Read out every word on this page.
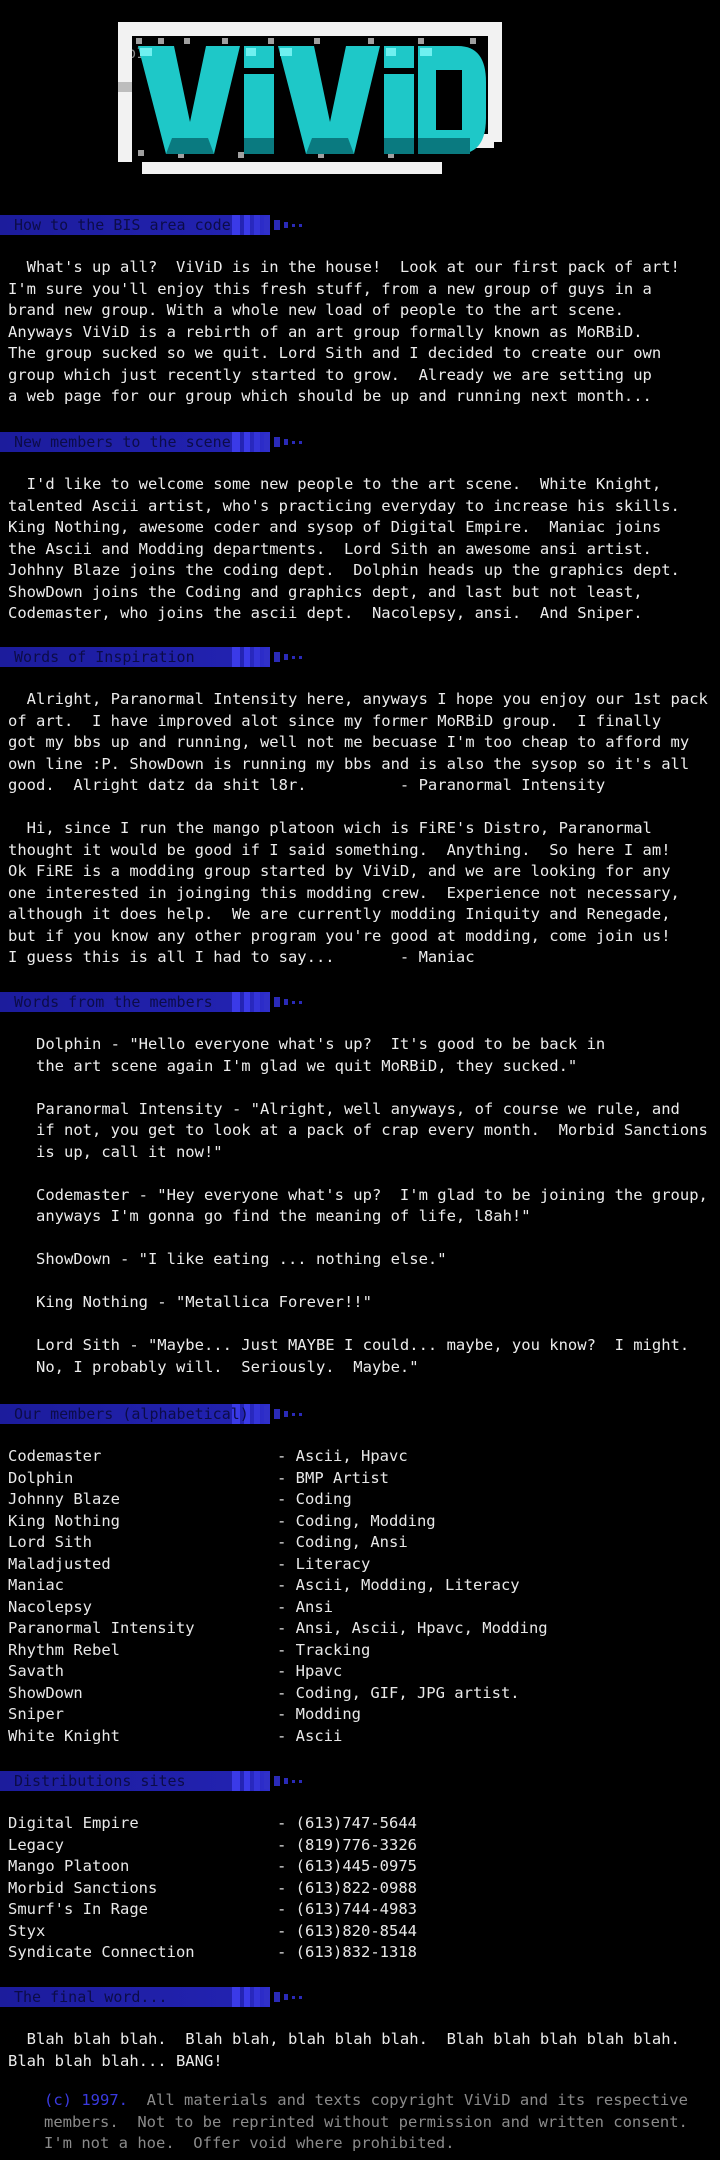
How to the BIS area code
What's up all?  ViViD is in the house!  Look at our first pack of art!
I'm sure you'll enjoy this fresh stuff, from a new group of guys in a
brand new group. With a whole new load of people to the art scene.
Anyways ViViD is a rebirth of an art group formally known as MoRBiD.
The group sucked so we quit. Lord Sith and I decided to create our own
group which just recently started to grow.  Already we are setting up
a web page for our group which should be up and running next month...
New members to the scene
I'd like to welcome some new people to the art scene.  White Knight,
talented Ascii artist, who's practicing everyday to increase his skills.
King Nothing, awesome coder and sysop of Digital Empire.  Maniac joins
the Ascii and Modding departments.  Lord Sith an awesome ansi artist.
Johhny Blaze joins the coding dept.  Dolphin heads up the graphics dept.
ShowDown joins the Coding and graphics dept, and last but not least,
Codemaster, who joins the ascii dept.  Nacolepsy, ansi.  And Sniper.
Words of Inspiration
Alright, Paranormal Intensity here, anyways I hope you enjoy our 1st pack
of art.  I have improved alot since my former MoRBiD group.  I finally
got my bbs up and running, well not me becuase I'm too cheap to afford my
own line :P. ShowDown is running my bbs and is also the sysop so it's all
good.  Alright datz da shit l8r.          - Paranormal Intensity
Hi, since I run the mango platoon wich is FiRE's Distro, Paranormal
thought it would be good if I said something.  Anything.  So here I am!
Ok FiRE is a modding group started by ViViD, and we are looking for any
one interested in joinging this modding crew.  Experience not necessary,
although it does help.  We are currently modding Iniquity and Renegade,
but if you know any other program you're good at modding, come join us!
I guess this is all I had to say...       - Maniac
Words from the members
Dolphin - "Hello everyone what's up?  It's good to be back in
the art scene again I'm glad we quit MoRBiD, they sucked."

Paranormal Intensity - "Alright, well anyways, of course we rule, and
if not, you get to look at a pack of crap every month.  Morbid Sanctions
is up, call it now!"

Codemaster - "Hey everyone what's up?  I'm glad to be joining the group,
anyways I'm gonna go find the meaning of life, l8ah!"

ShowDown - "I like eating ... nothing else."

King Nothing - "Metallica Forever!!"

Lord Sith - "Maybe... Just MAYBE I could... maybe, you know?  I might.
No, I probably will.  Seriously.  Maybe."
Our members (alphabetical)
Codemaster	- Ascii, Hpavc
Dolphin	- BMP Artist
Johnny Blaze	- Coding
King Nothing	- Coding, Modding
Lord Sith	- Coding, Ansi
Maladjusted	- Literacy
Maniac	- Ascii, Modding, Literacy
Nacolepsy	- Ansi
Paranormal Intensity	- Ansi, Ascii, Hpavc, Modding
Rhythm Rebel	- Tracking
Savath	- Hpavc
ShowDown	- Coding, GIF, JPG artist.
Sniper	- Modding
White Knight	- Ascii
Distributions sites
Digital Empire	- (613)747-5644
Legacy	- (819)776-3326
Mango Platoon	- (613)445-0975
Morbid Sanctions	- (613)822-0988
Smurf's In Rage	- (613)744-4983
Styx	- (613)820-8544
Syndicate Connection	- (613)832-1318
The final word...
Blah blah blah.  Blah blah, blah blah blah.  Blah blah blah blah blah.
Blah blah blah... BANG!
(c) 1997.  All materials and texts copyright ViViD and its respective
members.  Not to be reprinted without permission and written consent.
I'm not a hoe.  Offer void where prohibited.
